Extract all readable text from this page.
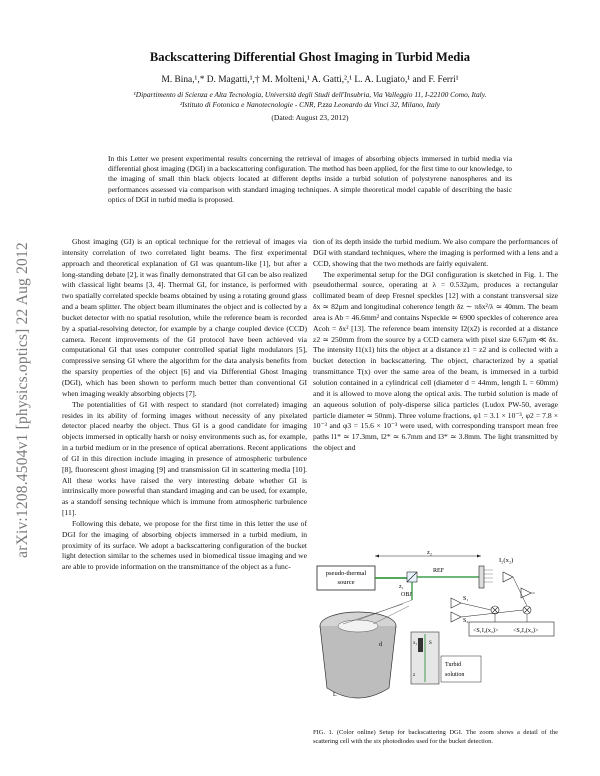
arXiv:1208.4504v1 [physics.optics] 22 Aug 2012
Backscattering Differential Ghost Imaging in Turbid Media
M. Bina,¹,* D. Magatti,¹,† M. Molteni,¹ A. Gatti,²,¹ L. A. Lugiato,¹ and F. Ferri¹
¹Dipartimento di Scienza e Alta Tecnologia, Università degli Studi dell'Insubria, Via Valleggio 11, I-22100 Como, Italy.
²Istituto di Fotonica e Nanotecnologie - CNR, P.zza Leonardo da Vinci 32, Milano, Italy
(Dated: August 23, 2012)
In this Letter we present experimental results concerning the retrieval of images of absorbing objects immersed in turbid media via differential ghost imaging (DGI) in a backscattering configuration. The method has been applied, for the first time to our knowledge, to the imaging of small thin black objects located at different depths inside a turbid solution of polystyrene nanospheres and its performances assessed via comparison with standard imaging techniques. A simple theoretical model capable of describing the basic optics of DGI in turbid media is proposed.

Ghost imaging (GI) is an optical technique for the retrieval of images via intensity correlation of two correlated light beams. The first experimental approach and theoretical explanation of GI was quantum-like [1], but after a long-standing debate [2], it was finally demonstrated that GI can be also realized with classical light beams [3, 4]. Thermal GI, for instance, is performed with two spatially correlated speckle beams obtained by using a rotating ground glass and a beam splitter. The object beam illuminates the object and is collected by a bucket detector with no spatial resolution, while the reference beam is recorded by a spatial-resolving detector, for example by a charge coupled device (CCD) camera. Recent improvements of the GI protocol have been achieved via computational GI that uses computer controlled spatial light modulators [5], compressive sensing GI where the algorithm for the data analysis benefits from the sparsity properties of the object [6] and via Differential Ghost Imaging (DGI), which has been shown to perform much better than conventional GI when imaging weakly absorbing objects [7].

The potentialities of GI with respect to standard (not correlated) imaging resides in its ability of forming images without necessity of any pixelated detector placed nearby the object. Thus GI is a good candidate for imaging objects immersed in optically harsh or noisy environments such as, for example, in a turbid medium or in the presence of optical aberrations. Recent applications of GI in this direction include imaging in presence of atmospheric turbulence [8], fluorescent ghost imaging [9] and transmission GI in scattering media [10]. All these works have raised the very interesting debate whether GI is intrinsically more powerful than standard imaging and can be used, for example, as a standoff sensing technique which is immune from atmospheric turbulence [11].

Following this debate, we propose for the first time in this letter the use of DGI for the imaging of absorbing objects immersed in a turbid medium, in proximity of its surface. We adopt a backscattering configuration of the bucket light detection similar to the schemes used in biomedical tissue imaging and we are able to provide information on the transmittance of the object as a func-

tion of its depth inside the turbid medium. We also compare the performances of DGI with standard techniques, where the imaging is performed with a lens and a CCD, showing that the two methods are fairly equivalent.

The experimental setup for the DGI configuration is sketched in Fig. 1. The pseudothermal source, operating at λ = 0.532μm, produces a rectangular collimated beam of deep Fresnel speckles [12] with a constant transversal size δx ≃ 82μm and longitudinal coherence length δz ∼ πδx²/λ ≃ 40mm. The beam area is Ab = 46.6mm² and contains Nspeckle ≃ 6900 speckles of coherence area Acoh = δx² [13]. The reference beam intensity I2(x2) is recorded at a distance z2 ≃ 250mm from the source by a CCD camera with pixel size 6.67μm ≪ δx. The intensity I1(x1) hits the object at a distance z1 = z2 and is collected with a bucket detection in backscattering. The object, characterized by a spatial transmittance T(x) over the same area of the beam, is immersed in a turbid solution contained in a cylindrical cell (diameter d = 44mm, length L = 60mm) and it is allowed to move along the optical axis. The turbid solution is made of an aqueous solution of poly-disperse silica particles (Ludox PW-50, average particle diameter ≃ 50nm). Three volume fractions, φ1 = 3.1 × 10⁻³, φ2 = 7.8 × 10⁻³ and φ3 = 15.6 × 10⁻³ were used, with corresponding transport mean free paths l1* ≃ 17.3mm, l2* ≃ 6.7mm and l3* ≃ 3.8mm. The light transmitted by the object and

pseudo-thermal
source
z₂
REF
I₂(x₂)
<S₁I₂(x₂)> <S₂I₂(x₂)>
OBJ
z₁
S₁
S₂
d
L
x₁ S
z
Turbid
solution
FIG. 1. (Color online) Setup for backscattering DGI. The zoom shows a detail of the scattering cell with the six photodiodes used for the bucket detection.
